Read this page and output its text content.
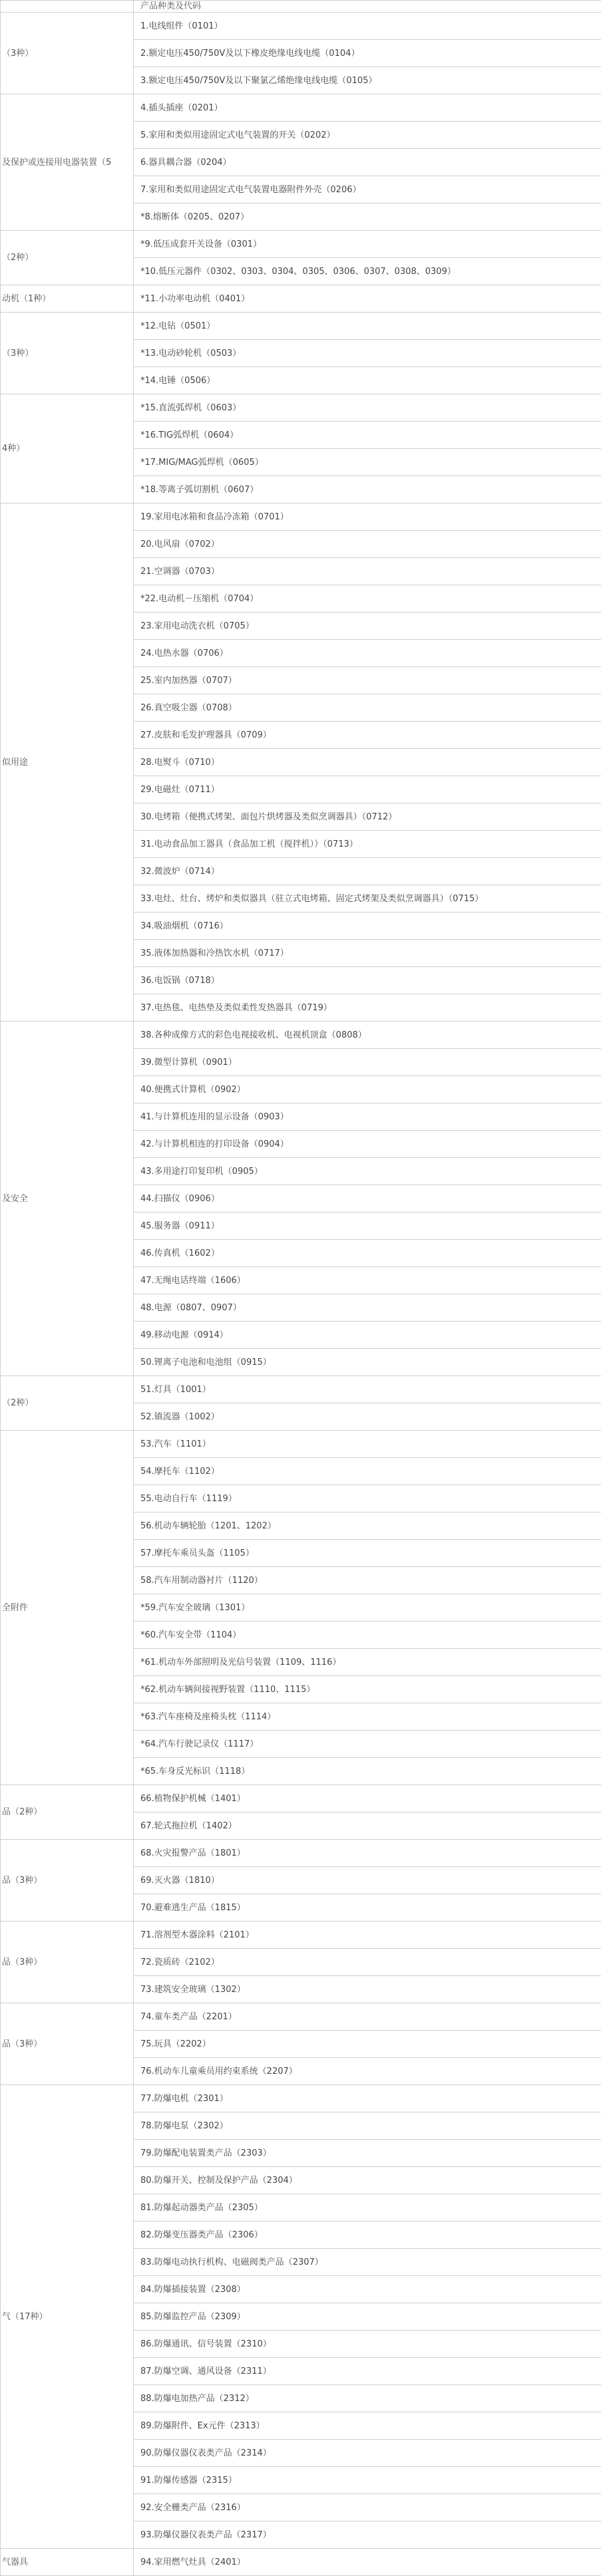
	产品种类及代码
（3种）	1.电线组件（0101）
	2.额定电压450/750V及以下橡皮绝缘电线电缆（0104）
	3.额定电压450/750V及以下聚氯乙烯绝缘电线电缆（0105）
及保护或连接用电器装置（5	4.插头插座（0201）
	5.家用和类似用途固定式电气装置的开关（0202）
	6.器具耦合器（0204）
	7.家用和类似用途固定式电气装置电器附件外壳（0206）
	*8.熔断体（0205、0207）
（2种）	*9.低压成套开关设备（0301）
	*10.低压元器件（0302、0303、0304、0305、0306、0307、0308、0309）
动机（1种）	*11.小功率电动机（0401）
（3种）	*12.电钻（0501）
	*13.电动砂轮机（0503）
	*14.电锤（0506）
4种）	*15.直流弧焊机（0603）
	*16.TIG弧焊机（0604）
	*17.MIG/MAG弧焊机（0605）
	*18.等离子弧切割机（0607）
似用途	19.家用电冰箱和食品冷冻箱（0701）
	20.电风扇（0702）
	21.空调器（0703）
	*22.电动机－压缩机（0704）
	23.家用电动洗衣机（0705）
	24.电热水器（0706）
	25.室内加热器（0707）
	26.真空吸尘器（0708）
	27.皮肤和毛发护理器具（0709）
	28.电熨斗（0710）
	29.电磁灶（0711）
	30.电烤箱（便携式烤架、面包片烘烤器及类似烹调器具）（0712）
	31.电动食品加工器具（食品加工机（搅拌机））（0713）
	32.微波炉（0714）
	33.电灶、灶台、烤炉和类似器具（驻立式电烤箱、固定式烤架及类似烹调器具）（0715）
	34.吸油烟机（0716）
	35.液体加热器和冷热饮水机（0717）
	36.电饭锅（0718）
	37.电热毯、电热垫及类似柔性发热器具（0719）
及安全	38.各种成像方式的彩色电视接收机、电视机顶盒（0808）
	39.微型计算机（0901）
	40.便携式计算机（0902）
	41.与计算机连用的显示设备（0903）
	42.与计算机相连的打印设备（0904）
	43.多用途打印复印机（0905）
	44.扫描仪（0906）
	45.服务器（0911）
	46.传真机（1602）
	47.无绳电话终端（1606）
	48.电源（0807、0907）
	49.移动电源（0914）
	50.锂离子电池和电池组（0915）
（2种）	51.灯具（1001）
	52.镇流器（1002）
全附件	53.汽车（1101）
	54.摩托车（1102）
	55.电动自行车（1119）
	56.机动车辆轮胎（1201、1202）
	57.摩托车乘员头盔（1105）
	58.汽车用制动器衬片（1120）
	*59.汽车安全玻璃（1301）
	*60.汽车安全带（1104）
	*61.机动车外部照明及光信号装置（1109、1116）
	*62.机动车辆间接视野装置（1110、1115）
	*63.汽车座椅及座椅头枕（1114）
	*64.汽车行驶记录仪（1117）
	*65.车身反光标识（1118）
品（2种）	66.植物保护机械（1401）
	67.轮式拖拉机（1402）
品（3种）	68.火灾报警产品（1801）
	69.灭火器（1810）
	70.避难逃生产品（1815）
品（3种）	71.溶剂型木器涂料（2101）
	72.瓷质砖（2102）
	73.建筑安全玻璃（1302）
品（3种）	74.童车类产品（2201）
	75.玩具（2202）
	76.机动车儿童乘员用约束系统（2207）
气（17种）	77.防爆电机（2301）
	78.防爆电泵（2302）
	79.防爆配电装置类产品（2303）
	80.防爆开关、控制及保护产品（2304）
	81.防爆起动器类产品（2305）
	82.防爆变压器类产品（2306）
	83.防爆电动执行机构、电磁阀类产品（2307）
	84.防爆插接装置（2308）
	85.防爆监控产品（2309）
	86.防爆通讯、信号装置（2310）
	87.防爆空调、通风设备（2311）
	88.防爆电加热产品（2312）
	89.防爆附件、Ex元件（2313）
	90.防爆仪器仪表类产品（2314）
	91.防爆传感器（2315）
	92.安全栅类产品（2316）
	93.防爆仪器仪表类产品（2317）
气器具	94.家用燃气灶具（2401）
